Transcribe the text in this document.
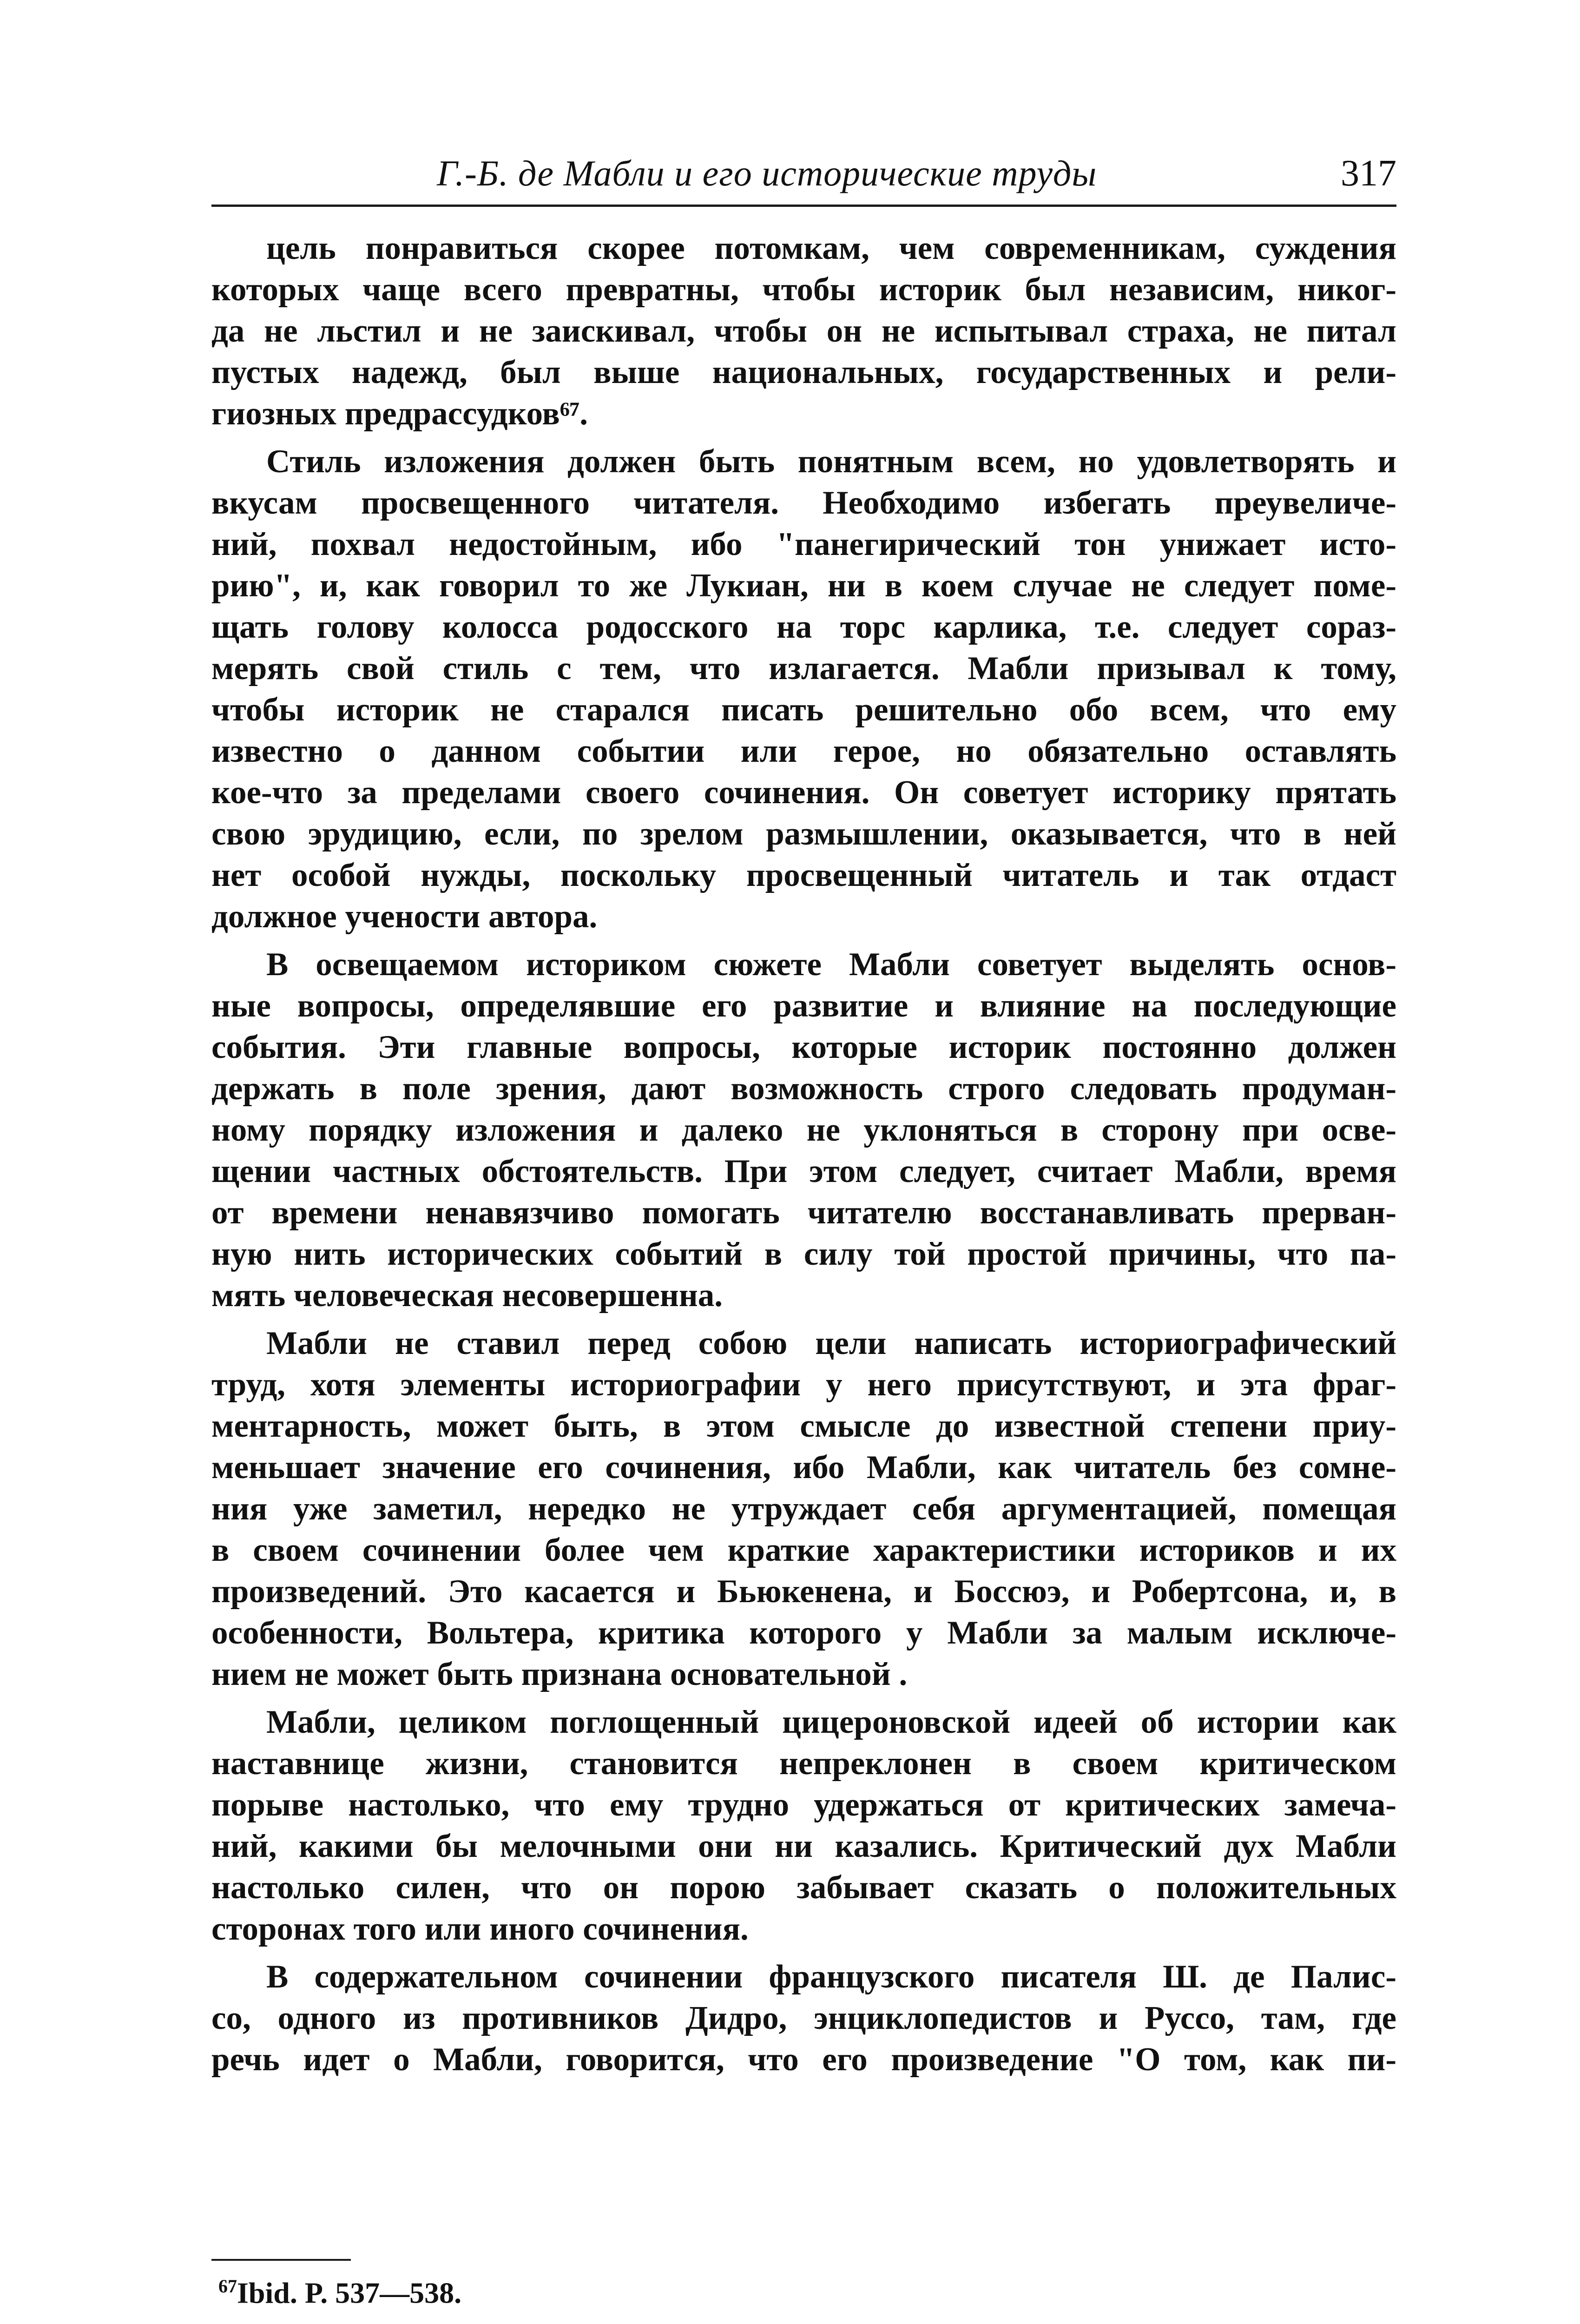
Г.-Б. де Мабли и его исторические труды	317
цель понравиться скорее потомкам, чем современникам, суждения
которых чаще всего превратны, чтобы историк был независим, никог-
да не льстил и не заискивал, чтобы он не испытывал страха, не питал
пустых надежд, был выше национальных, государственных и рели-
гиозных предрассудков⁶⁷.
Стиль изложения должен быть понятным всем, но удовлетворять и
вкусам просвещенного читателя. Необходимо избегать преувеличе-
ний, похвал недостойным, ибо "панегирический тон унижает исто-
рию", и, как говорил то же Лукиан, ни в коем случае не следует поме-
щать голову колосса родосского на торс карлика, т.е. следует сораз-
мерять свой стиль с тем, что излагается. Мабли призывал к тому,
чтобы историк не старался писать решительно обо всем, что ему
известно о данном событии или герое, но обязательно оставлять
кое-что за пределами своего сочинения. Он советует историку прятать
свою эрудицию, если, по зрелом размышлении, оказывается, что в ней
нет особой нужды, поскольку просвещенный читатель и так отдаст
должное учености автора.
В освещаемом историком сюжете Мабли советует выделять основ-
ные вопросы, определявшие его развитие и влияние на последующие
события. Эти главные вопросы, которые историк постоянно должен
держать в поле зрения, дают возможность строго следовать продуман-
ному порядку изложения и далеко не уклоняться в сторону при осве-
щении частных обстоятельств. При этом следует, считает Мабли, время
от времени ненавязчиво помогать читателю восстанавливать прерван-
ную нить исторических событий в силу той простой причины, что па-
мять человеческая несовершенна.
Мабли не ставил перед собою цели написать историографический
труд, хотя элементы историографии у него присутствуют, и эта фраг-
ментарность, может быть, в этом смысле до известной степени приу-
меньшает значение его сочинения, ибо Мабли, как читатель без сомне-
ния уже заметил, нередко не утруждает себя аргументацией, помещая
в своем сочинении более чем краткие характеристики историков и их
произведений. Это касается и Бьюкенена, и Боссюэ, и Робертсона, и, в
особенности, Вольтера, критика которого у Мабли за малым исключе-
нием не может быть признана основательной .
Мабли, целиком поглощенный цицероновской идеей об истории как
наставнице жизни, становится непреклонен в своем критическом
порыве настолько, что ему трудно удержаться от критических замеча-
ний, какими бы мелочными они ни казались. Критический дух Мабли
настолько силен, что он порою забывает сказать о положительных
сторонах того или иного сочинения.
В содержательном сочинении французского писателя Ш. де Палис-
со, одного из противников Дидро, энциклопедистов и Руссо, там, где
речь идет о Мабли, говорится, что его произведение "О том, как пи-
$^{67}$Ibid. P. 537—538.
